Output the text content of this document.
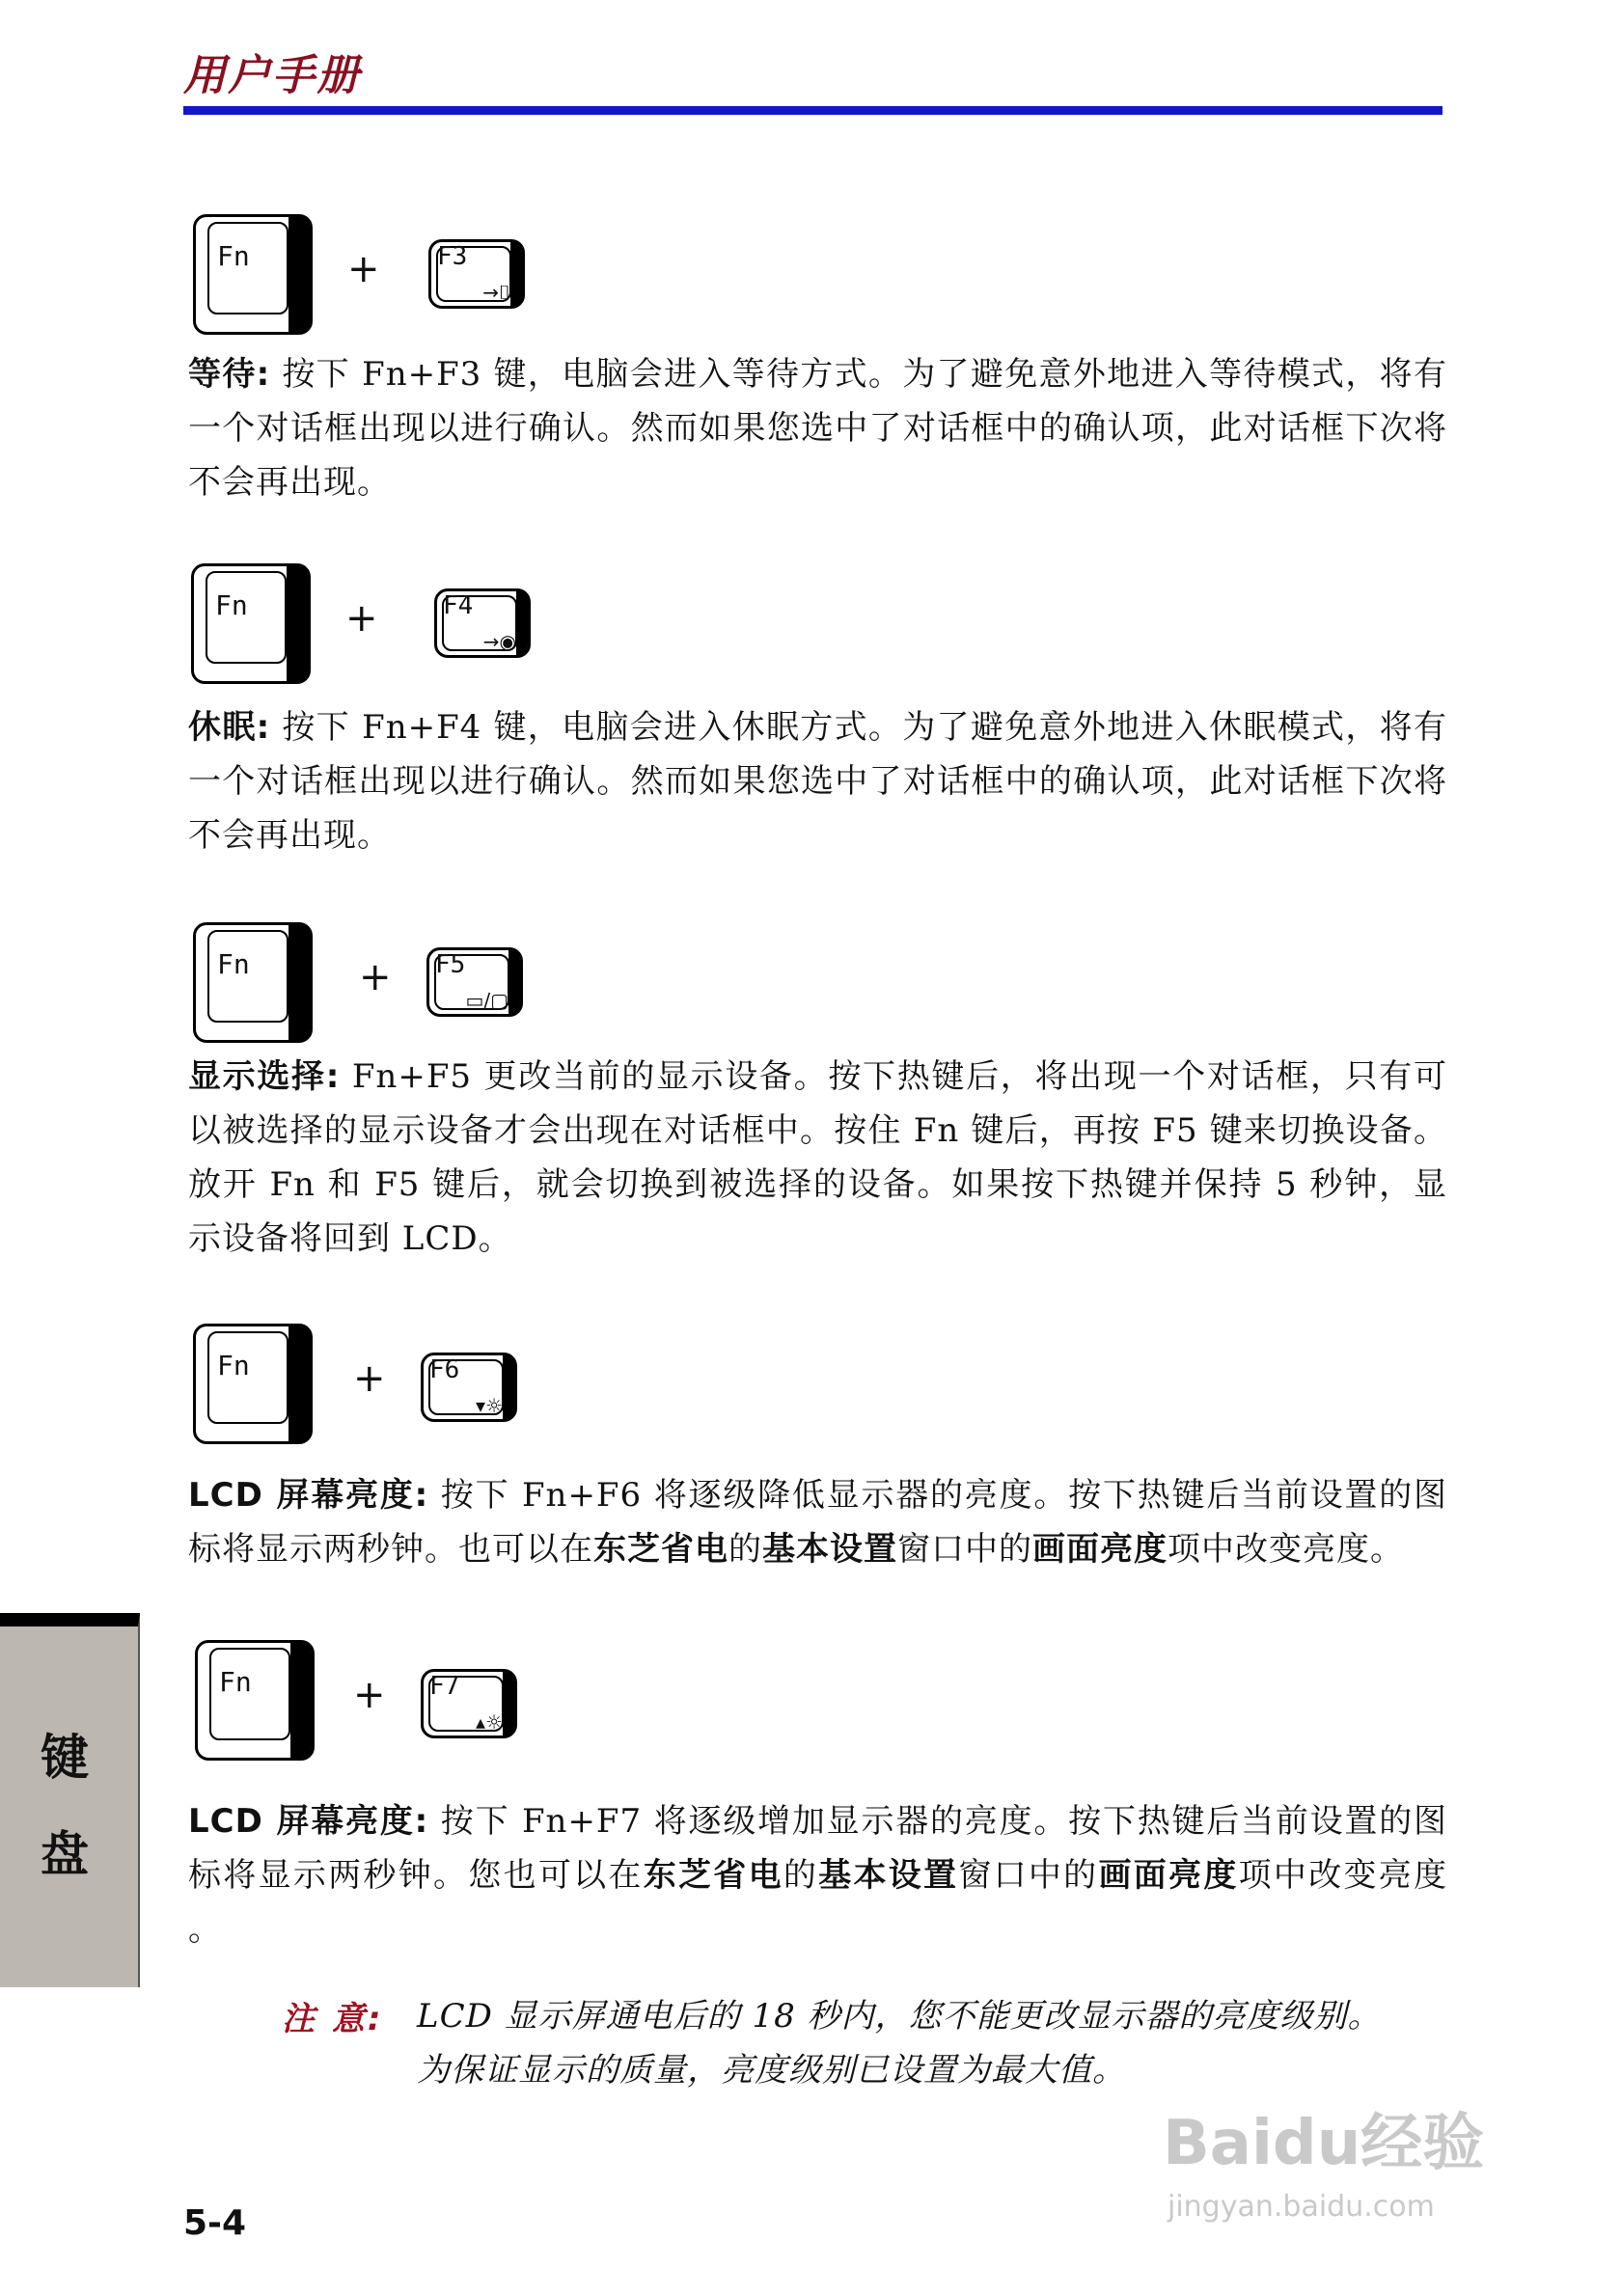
用户手册
Fn	+ F3
→⌷

等待: 按下 Fn+F3 键，电脑会进入等待方式。为了避免意外地进入等待模式，将有一个对话框出现以进行确认。然而如果您选中了对话框中的确认项，此对话框下次将不会再出现。

Fn	+	F4
→◉

休眠: 按下 Fn+F4 键，电脑会进入休眠方式。为了避免意外地进入休眠模式，将有一个对话框出现以进行确认。然而如果您选中了对话框中的确认项，此对话框下次将不会再出现。

Fn	+ F5
▭/▢

显示选择: Fn+F5 更改当前的显示设备。按下热键后，将出现一个对话框，只有可以被选择的显示设备才会出现在对话框中。按住 Fn 键后，再按 F5 键来切换设备。放开 Fn 和 F5 键后，就会切换到被选择的设备。如果按下热键并保持 5 秒钟，显示设备将回到 LCD。

Fn	+ F6
▾☼

LCD 屏幕亮度: 按下 Fn+F6 将逐级降低显示器的亮度。按下热键后当前设置的图标将显示两秒钟。也可以在东芝省电的基本设置窗口中的画面亮度项中改变亮度。

Fn	+ F7
▴☼

LCD 屏幕亮度: 按下 Fn+F7 将逐级增加显示器的亮度。按下热键后当前设置的图标将显示两秒钟。您也可以在东芝省电的基本设置窗口中的画面亮度项中改变亮度 。

键
盘
注 意: LCD 显示屏通电后的 18 秒内，您不能更改显示器的亮度级别。为保证显示的质量，亮度级别已设置为最大值。
5-4
Baidu经验
jingyan.baidu.com
